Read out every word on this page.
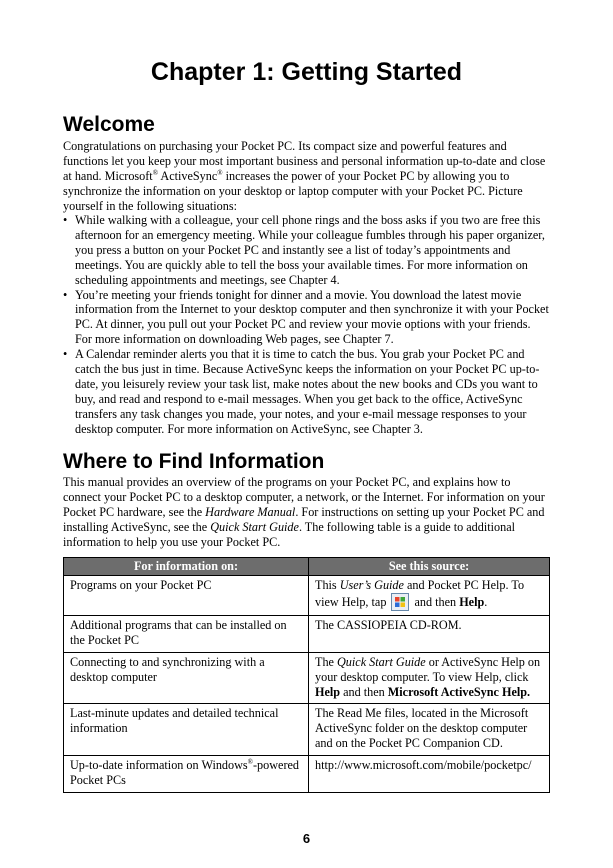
Chapter 1: Getting Started
Welcome

Congratulations on purchasing your Pocket PC. Its compact size and powerful features and functions let you keep your most important business and personal information up-to-date and close at hand. Microsoft® ActiveSync® increases the power of your Pocket PC by allowing you to synchronize the information on your desktop or laptop computer with your Pocket PC. Picture yourself in the following situations:

• While walking with a colleague, your cell phone rings and the boss asks if you two are free this afternoon for an emergency meeting. While your colleague fumbles through his paper organizer, you press a button on your Pocket PC and instantly see a list of today’s appointments and meetings. You are quickly able to tell the boss your available times. For more information on scheduling appointments and meetings, see Chapter 4.
• You’re meeting your friends tonight for dinner and a movie. You download the latest movie information from the Internet to your desktop computer and then synchronize it with your Pocket PC. At dinner, you pull out your Pocket PC and review your movie options with your friends. For more information on downloading Web pages, see Chapter 7.
• A Calendar reminder alerts you that it is time to catch the bus. You grab your Pocket PC and catch the bus just in time. Because ActiveSync keeps the information on your Pocket PC up-to-date, you leisurely review your task list, make notes about the new books and CDs you want to buy, and read and respond to e-mail messages. When you get back to the office, ActiveSync transfers any task changes you made, your notes, and your e-mail message responses to your desktop computer. For more information on ActiveSync, see Chapter 3.
Where to Find Information

This manual provides an overview of the programs on your Pocket PC, and explains how to connect your Pocket PC to a desktop computer, a network, or the Internet. For information on your Pocket PC hardware, see the Hardware Manual. For instructions on setting up your Pocket PC and installing ActiveSync, see the Quick Start Guide. The following table is a guide to additional information to help you use your Pocket PC.

For information on:	See this source:
Programs on your Pocket PC	This User’s Guide and Pocket PC Help. To view Help, tap  and then Help.
Additional programs that can be installed on the Pocket PC	The CASSIOPEIA CD-ROM.
Connecting to and synchronizing with a desktop computer	The Quick Start Guide or ActiveSync Help on your desktop computer. To view Help, click Help and then Microsoft ActiveSync Help.
Last-minute updates and detailed technical information	The Read Me files, located in the Microsoft ActiveSync folder on the desktop computer and on the Pocket PC Companion CD.
Up-to-date information on Windows®-powered Pocket PCs	http://www.microsoft.com/mobile/pocketpc/
6
